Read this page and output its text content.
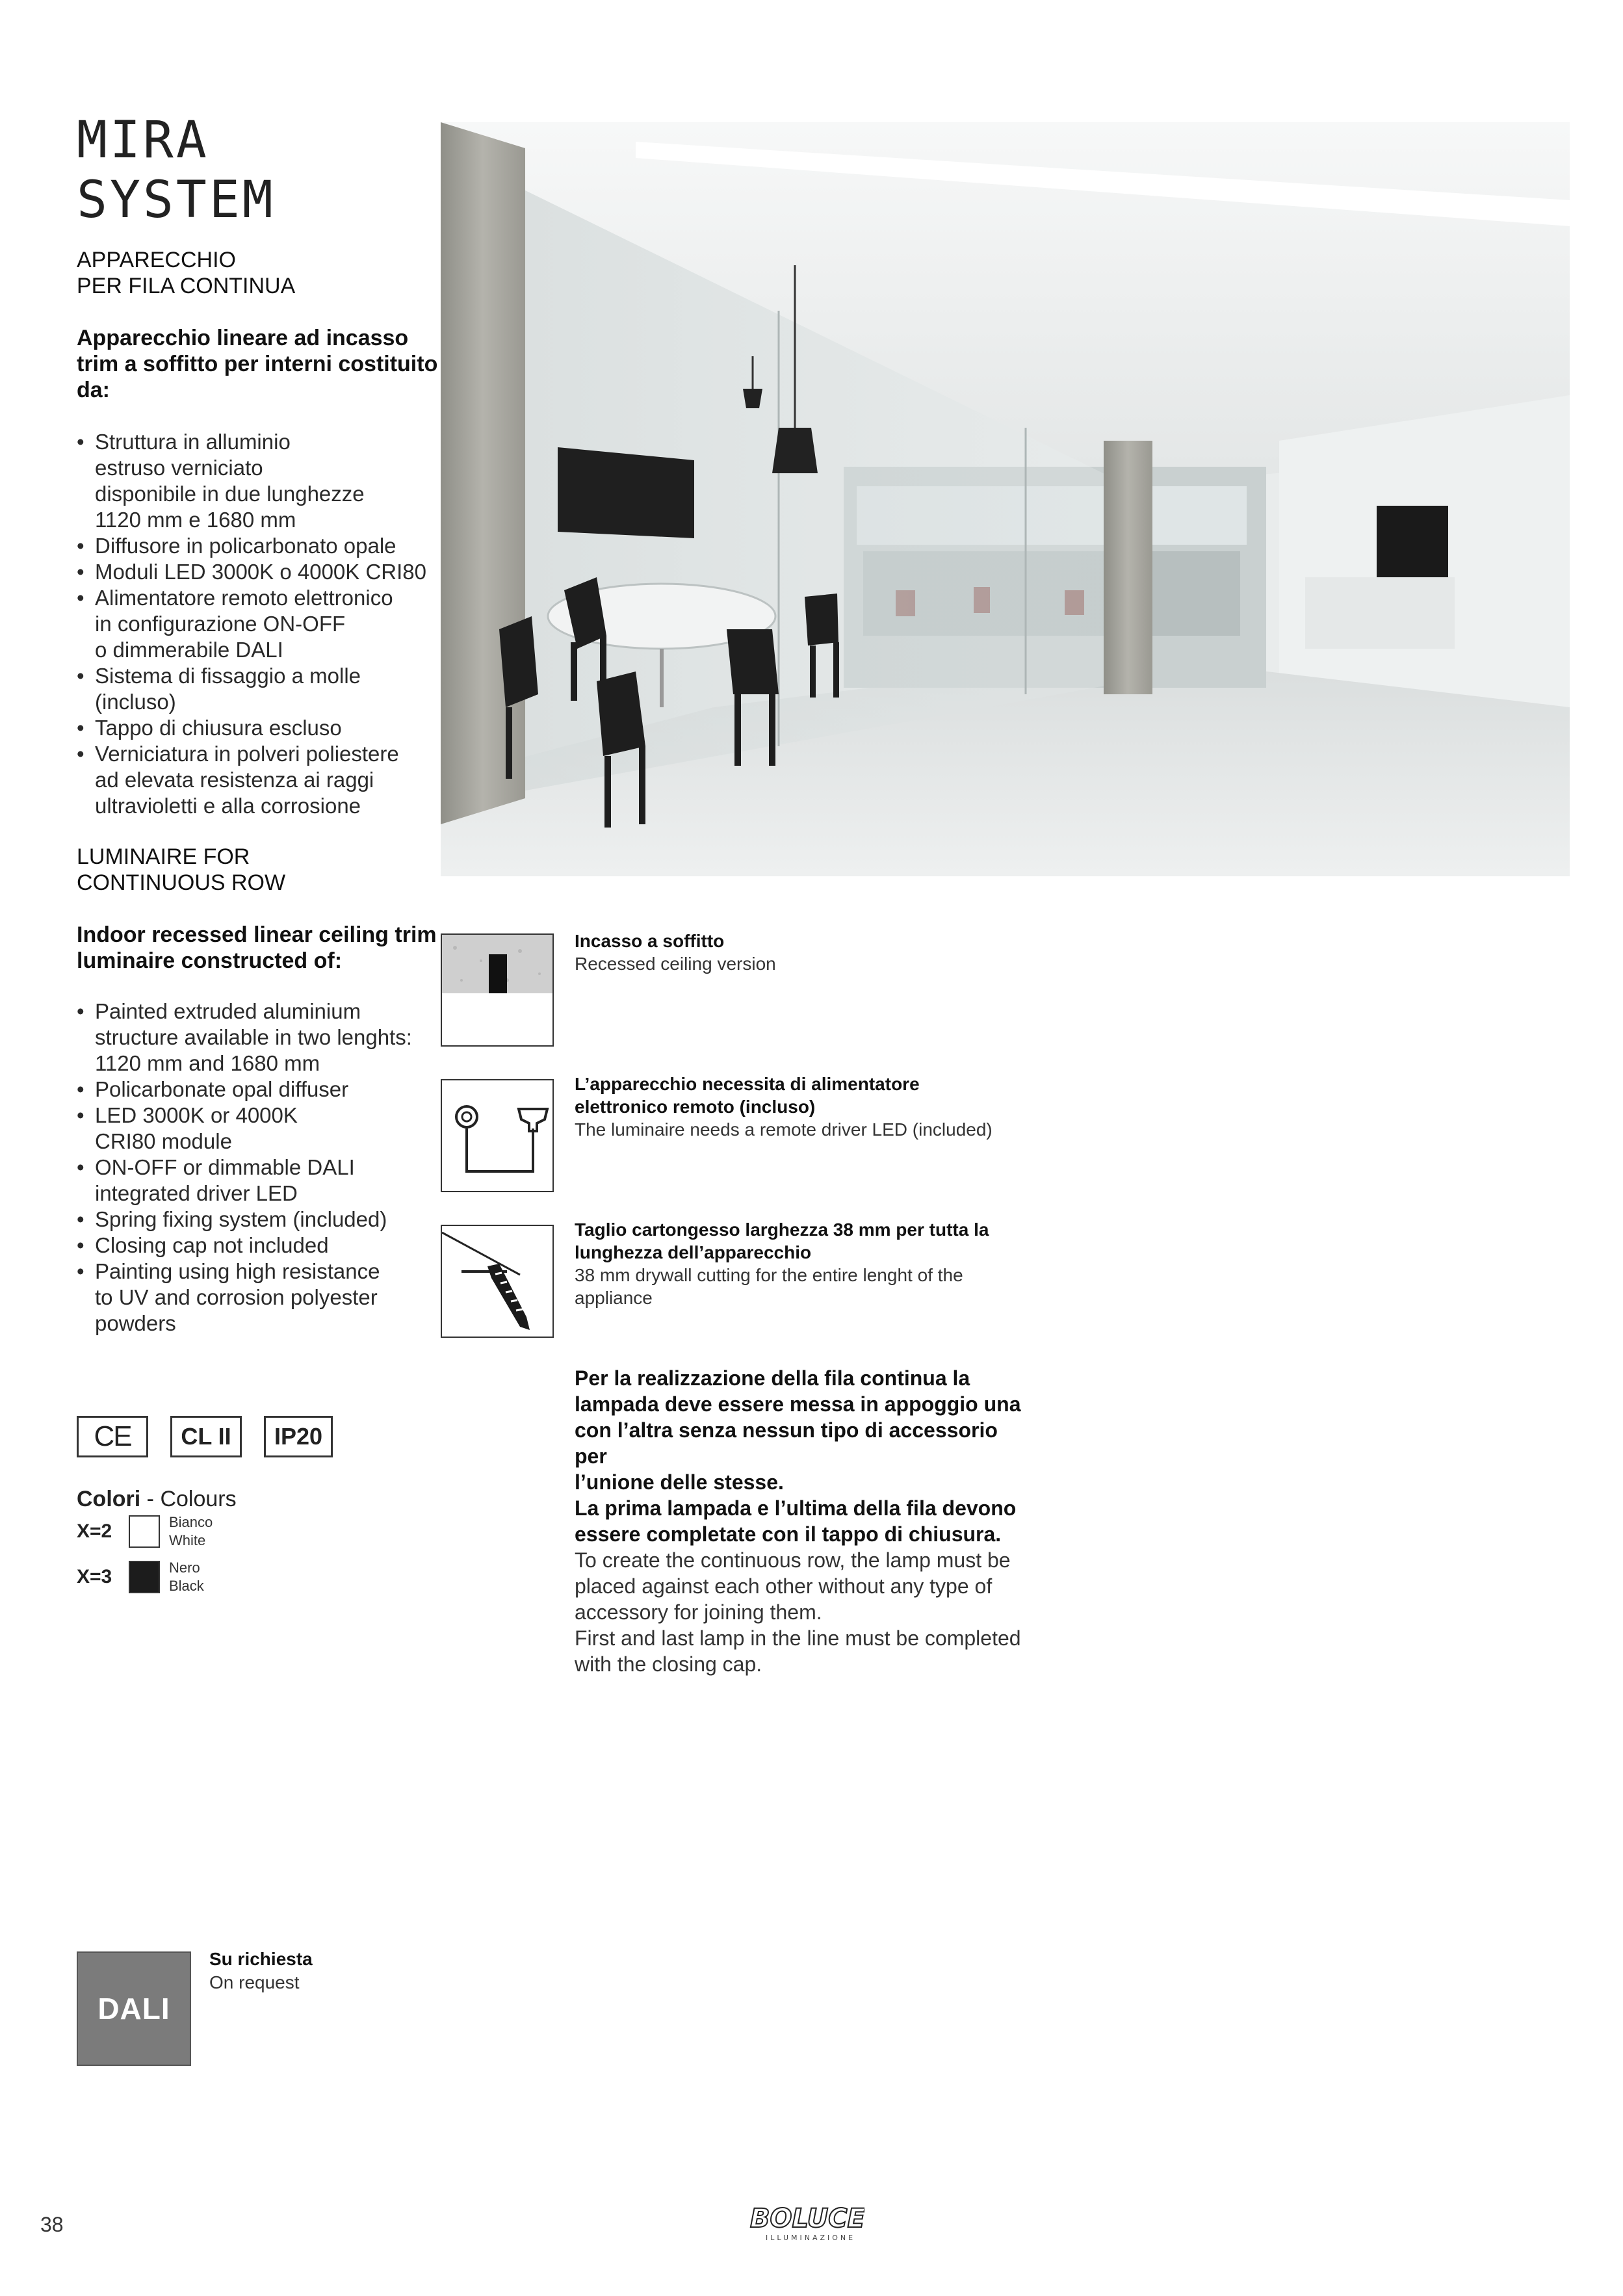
MIRA
SYSTEM
APPARECCHIO
PER FILA CONTINUA
Apparecchio lineare ad incasso
trim a soffitto per interni costituito
da:
• Struttura in alluminio
estruso verniciato
disponibile in due lunghezze
1120 mm e 1680 mm
• Diffusore in policarbonato opale
• Moduli LED 3000K o 4000K CRI80
• Alimentatore remoto elettronico
in configurazione ON-OFF
o dimmerabile DALI
• Sistema di fissaggio a molle
(incluso)
• Tappo di chiusura escluso
• Verniciatura in polveri poliestere
ad elevata resistenza ai raggi
ultravioletti e alla corrosione
LUMINAIRE FOR
CONTINUOUS ROW
Indoor recessed linear ceiling trim
luminaire constructed of:
• Painted extruded aluminium
structure available in two lenghts:
1120 mm and 1680 mm
• Policarbonate opal diffuser
• LED 3000K or 4000K
CRI80 module
• ON-OFF or dimmable DALI
integrated driver LED
• Spring fixing system (included)
• Closing cap not included
• Painting using high resistance
to UV and corrosion polyester
powders
CE CL II IP20
Colori - Colours
X=2	Bianco
White
X=3	Nero
Black
Incasso a soffitto
Recessed ceiling version
L’apparecchio necessita di alimentatore
elettronico remoto (incluso)
The luminaire needs a remote driver LED (included)
Taglio cartongesso larghezza 38 mm per tutta la
lunghezza dell’apparecchio
38 mm drywall cutting for the entire lenght of the
appliance
Per la realizzazione della fila continua la
lampada deve essere messa in appoggio una
con l’altra senza nessun tipo di accessorio per
l’unione delle stesse.
La prima lampada e l’ultima della fila devono
essere completate con il tappo di chiusura.
To create the continuous row, the lamp must be
placed against each other without any type of
accessory for joining them.
First and last lamp in the line must be completed
with the closing cap.
DALI
Su richiesta
On request
38	BOLUCE
ILLUMINAZIONE
